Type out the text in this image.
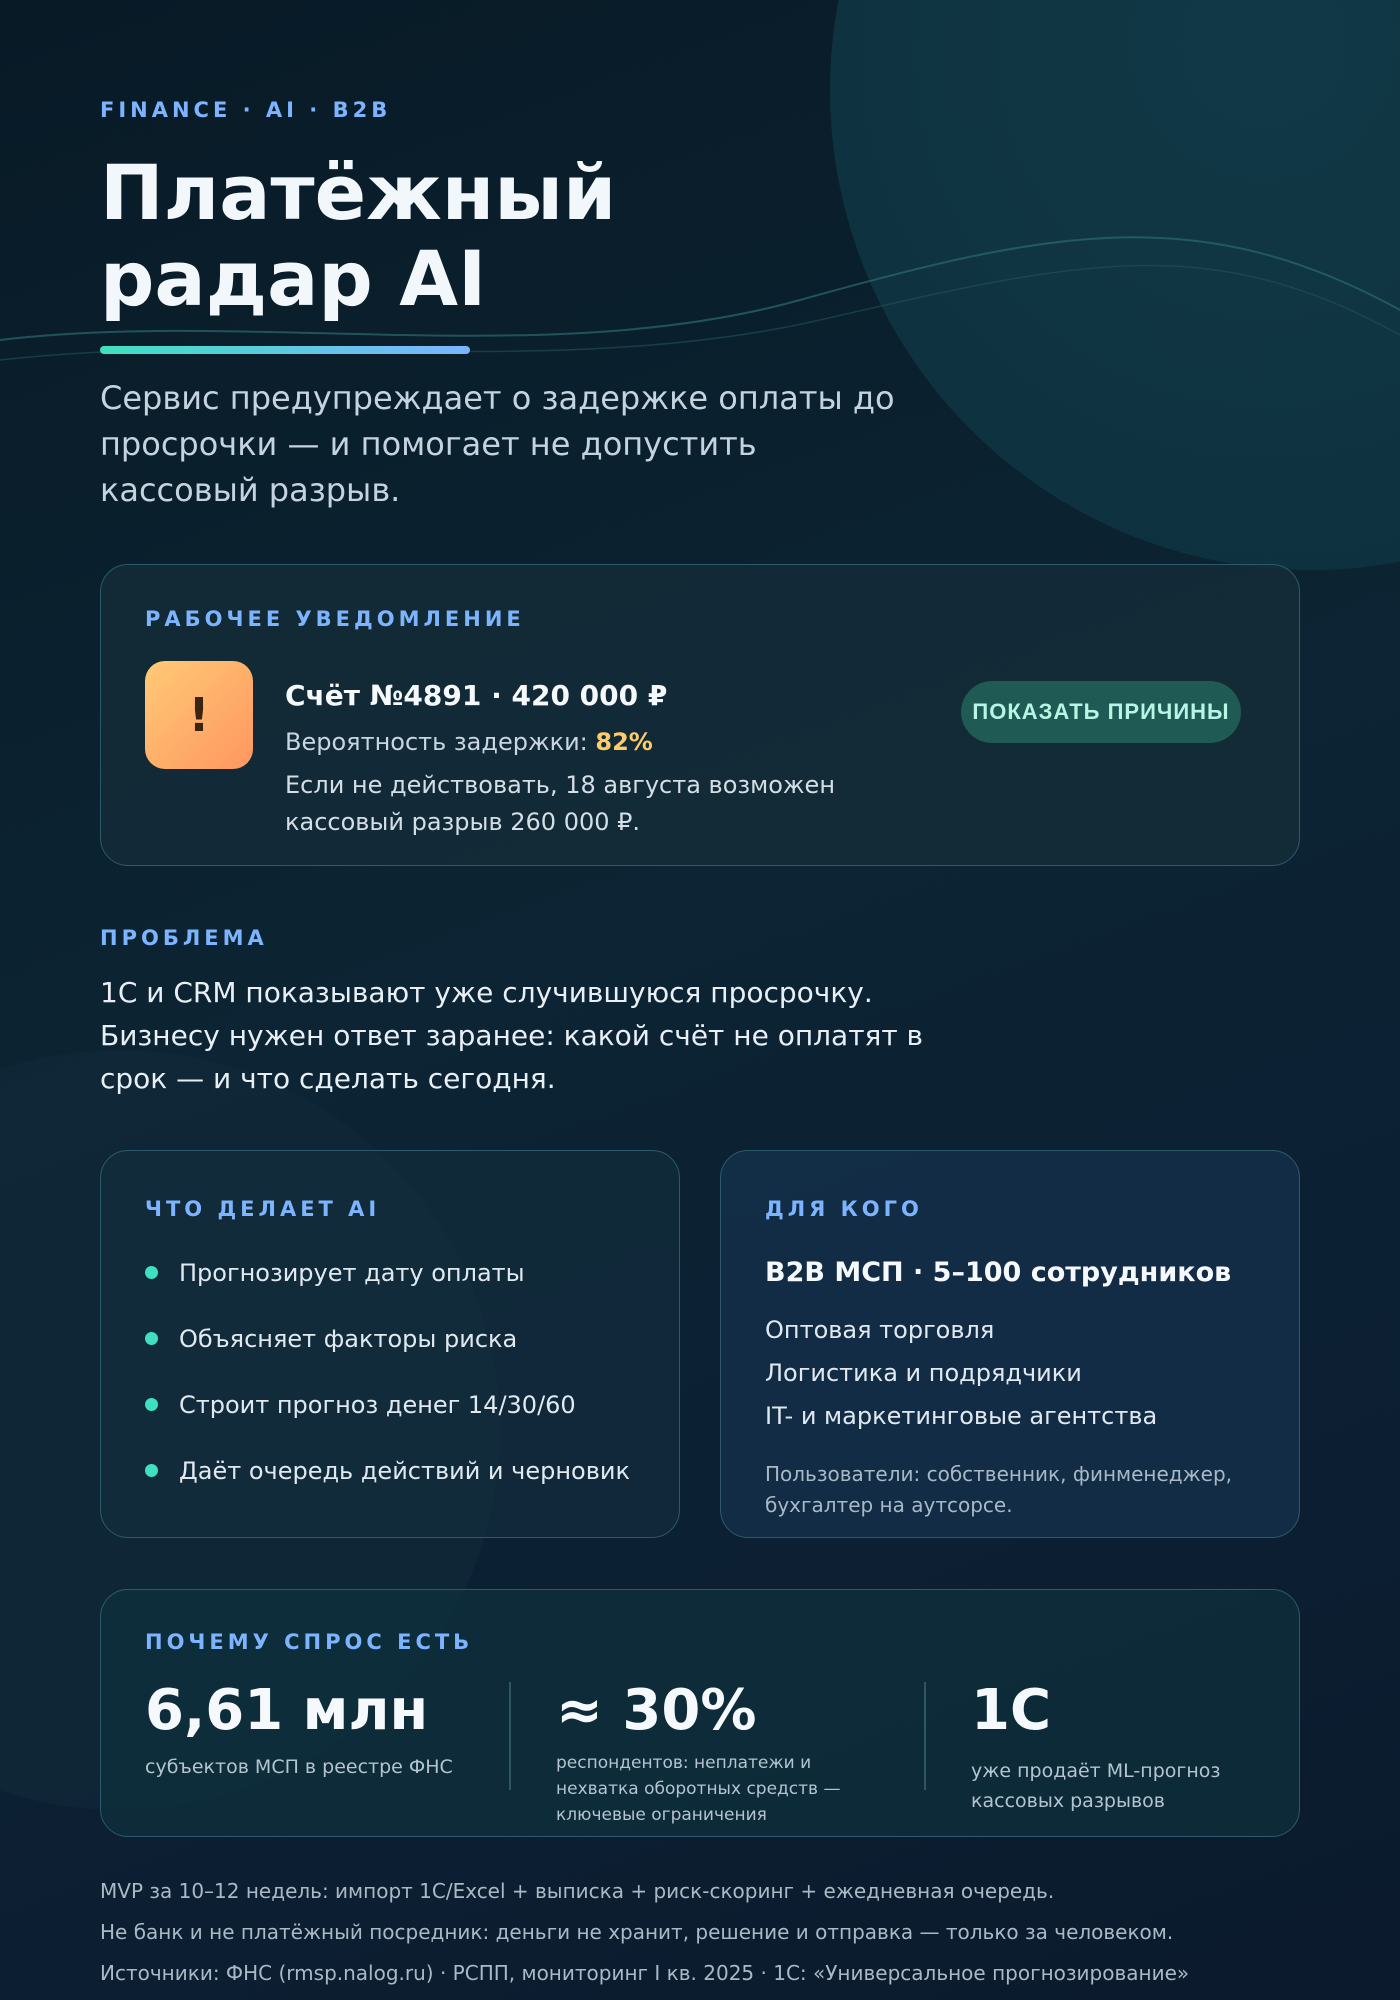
FINANCE · AI · B2B
Платёжный радар AI

Сервис предупреждает о задержке оплаты до просрочки — и помогает не допустить кассовый разрыв.

РАБОЧЕЕ УВЕДОМЛЕНИЕ
!	Счёт №4891 · 420 000 ₽
Вероятность задержки: 82%
Если не действовать, 18 августа возможен кассовый разрыв 260 000 ₽.
ПОКАЗАТЬ ПРИЧИНЫ
ПРОБЛЕМА

1С и CRM показывают уже случившуюся просрочку. Бизнесу нужен ответ заранее: какой счёт не оплатят в срок — и что сделать сегодня.

ЧТО ДЕЛАЕТ AI
Прогнозирует дату оплаты
Объясняет факторы риска
Строит прогноз денег 14/30/60
Даёт очередь действий и черновик
ДЛЯ КОГО
B2B МСП · 5–100 сотрудников
Оптовая торговля
Логистика и подрядчики
IT- и маркетинговые агентства

Пользователи: собственник, финменеджер, бухгалтер на аутсорсе.

ПОЧЕМУ СПРОС ЕСТЬ
6,61 млн
субъектов МСП в реестре ФНС
≈ 30%
респондентов: неплатежи и нехватка оборотных средств — ключевые ограничения
1С
уже продаёт ML-прогноз кассовых разрывов

MVP за 10–12 недель: импорт 1С/Excel + выписка + риск-скоринг + ежедневная очередь.

Не банк и не платёжный посредник: деньги не хранит, решение и отправка — только за человеком.

Источники: ФНС (rmsp.nalog.ru) · РСПП, мониторинг I кв. 2025 · 1С: «Универсальное прогнозирование»
